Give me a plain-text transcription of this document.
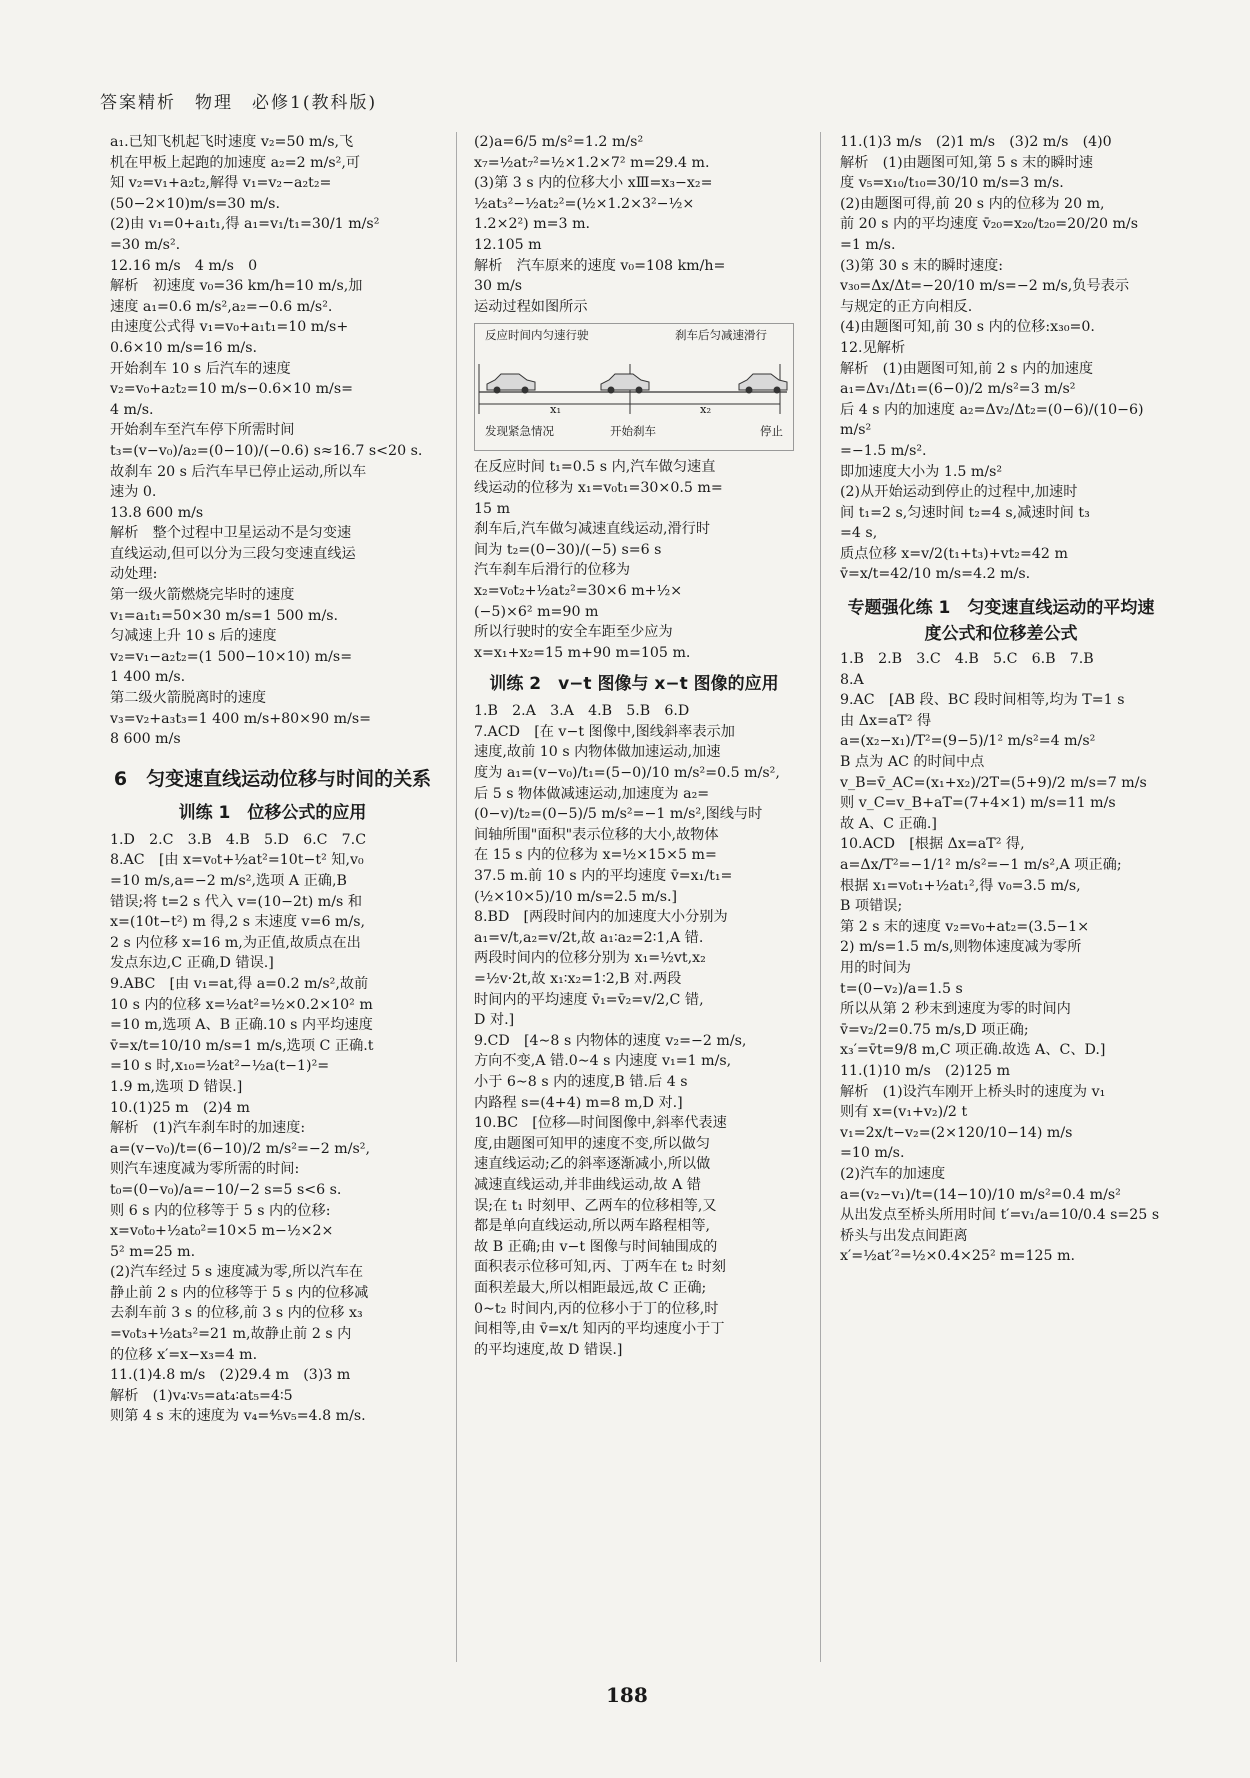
答案精析　物理　必修1(教科版)
a₁.已知飞机起飞时速度 v₂=50 m/s,飞
机在甲板上起跑的加速度 a₂=2 m/s²,可
知 v₂=v₁+a₂t₂,解得 v₁=v₂−a₂t₂=
(50−2×10)m/s=30 m/s.
(2)由 v₁=0+a₁t₁,得 a₁=v₁/t₁=30/1 m/s²
=30 m/s².
12.16 m/s　4 m/s　0
解析　初速度 v₀=36 km/h=10 m/s,加
速度 a₁=0.6 m/s²,a₂=−0.6 m/s².
由速度公式得 v₁=v₀+a₁t₁=10 m/s+
0.6×10 m/s=16 m/s.
开始刹车 10 s 后汽车的速度
v₂=v₀+a₂t₂=10 m/s−0.6×10 m/s=
4 m/s.
开始刹车至汽车停下所需时间
t₃=(v−v₀)/a₂=(0−10)/(−0.6) s≈16.7 s<20 s.
故刹车 20 s 后汽车早已停止运动,所以车
速为 0.
13.8 600 m/s
解析　整个过程中卫星运动不是匀变速
直线运动,但可以分为三段匀变速直线运
动处理:
第一级火箭燃烧完毕时的速度
v₁=a₁t₁=50×30 m/s=1 500 m/s.
匀减速上升 10 s 后的速度
v₂=v₁−a₂t₂=(1 500−10×10) m/s=
1 400 m/s.
第二级火箭脱离时的速度
v₃=v₂+a₃t₃=1 400 m/s+80×90 m/s=
8 600 m/s
6　匀变速直线运动位移与时间的关系
训练 1　位移公式的应用
1.D　2.C　3.B　4.B　5.D　6.C　7.C
8.AC　[由 x=v₀t+½at²=10t−t² 知,v₀
=10 m/s,a=−2 m/s²,选项 A 正确,B
错误;将 t=2 s 代入 v=(10−2t) m/s 和
x=(10t−t²) m 得,2 s 末速度 v=6 m/s,
2 s 内位移 x=16 m,为正值,故质点在出
发点东边,C 正确,D 错误.]
9.ABC　[由 v₁=at,得 a=0.2 m/s²,故前
10 s 内的位移 x=½at²=½×0.2×10² m
=10 m,选项 A、B 正确.10 s 内平均速度
v̄=x/t=10/10 m/s=1 m/s,选项 C 正确.t
=10 s 时,x₁₀=½at²−½a(t−1)²=
1.9 m,选项 D 错误.]
10.(1)25 m　(2)4 m
解析　(1)汽车刹车时的加速度:
a=(v−v₀)/t=(6−10)/2 m/s²=−2 m/s²,
则汽车速度减为零所需的时间:
t₀=(0−v₀)/a=−10/−2 s=5 s<6 s.
则 6 s 内的位移等于 5 s 内的位移:
x=v₀t₀+½at₀²=10×5 m−½×2×
5² m=25 m.
(2)汽车经过 5 s 速度减为零,所以汽车在
静止前 2 s 内的位移等于 5 s 内的位移减
去刹车前 3 s 的位移,前 3 s 内的位移 x₃
=v₀t₃+½at₃²=21 m,故静止前 2 s 内
的位移 x′=x−x₃=4 m.
11.(1)4.8 m/s　(2)29.4 m　(3)3 m
解析　(1)v₄∶v₅=at₄∶at₅=4∶5
则第 4 s 末的速度为 v₄=⁴⁄₅v₅=4.8 m/s.
(2)a=6/5 m/s²=1.2 m/s²
x₇=½at₇²=½×1.2×7² m=29.4 m.
(3)第 3 s 内的位移大小 xⅢ=x₃−x₂=
½at₃²−½at₂²=(½×1.2×3²−½×
1.2×2²) m=3 m.
12.105 m
解析　汽车原来的速度 v₀=108 km/h=
30 m/s
运动过程如图所示
反应时间内匀速行驶	刹车后匀减速滑行
x₁	x₂
发现紧急情况	开始刹车	停止
在反应时间 t₁=0.5 s 内,汽车做匀速直
线运动的位移为 x₁=v₀t₁=30×0.5 m=
15 m
刹车后,汽车做匀减速直线运动,滑行时
间为 t₂=(0−30)/(−5) s=6 s
汽车刹车后滑行的位移为
x₂=v₀t₂+½at₂²=30×6 m+½×
(−5)×6² m=90 m
所以行驶时的安全车距至少应为
x=x₁+x₂=15 m+90 m=105 m.
训练 2　v−t 图像与 x−t 图像的应用
1.B　2.A　3.A　4.B　5.B　6.D
7.ACD　[在 v−t 图像中,图线斜率表示加
速度,故前 10 s 内物体做加速运动,加速
度为 a₁=(v−v₀)/t₁=(5−0)/10 m/s²=0.5 m/s²,
后 5 s 物体做减速运动,加速度为 a₂=
(0−v)/t₂=(0−5)/5 m/s²=−1 m/s²,图线与时
间轴所围"面积"表示位移的大小,故物体
在 15 s 内的位移为 x=½×15×5 m=
37.5 m.前 10 s 内的平均速度 v̄=x₁/t₁=
(½×10×5)/10 m/s=2.5 m/s.]
8.BD　[两段时间内的加速度大小分别为
a₁=v/t,a₂=v/2t,故 a₁∶a₂=2∶1,A 错.
两段时间内的位移分别为 x₁=½vt,x₂
=½v·2t,故 x₁∶x₂=1∶2,B 对.两段
时间内的平均速度 v̄₁=v̄₂=v/2,C 错,
D 对.]
9.CD　[4∼8 s 内物体的速度 v₂=−2 m/s,
方向不变,A 错.0∼4 s 内速度 v₁=1 m/s,
小于 6∼8 s 内的速度,B 错.后 4 s
内路程 s=(4+4) m=8 m,D 对.]
10.BC　[位移—时间图像中,斜率代表速
度,由题图可知甲的速度不变,所以做匀
速直线运动;乙的斜率逐渐减小,所以做
减速直线运动,并非曲线运动,故 A 错
误;在 t₁ 时刻甲、乙两车的位移相等,又
都是单向直线运动,所以两车路程相等,
故 B 正确;由 v−t 图像与时间轴围成的
面积表示位移可知,丙、丁两车在 t₂ 时刻
面积差最大,所以相距最远,故 C 正确;
0∼t₂ 时间内,丙的位移小于丁的位移,时
间相等,由 v̄=x/t 知丙的平均速度小于丁
的平均速度,故 D 错误.]
11.(1)3 m/s　(2)1 m/s　(3)2 m/s　(4)0
解析　(1)由题图可知,第 5 s 末的瞬时速
度 v₅=x₁₀/t₁₀=30/10 m/s=3 m/s.
(2)由题图可得,前 20 s 内的位移为 20 m,
前 20 s 内的平均速度 v̄₂₀=x₂₀/t₂₀=20/20 m/s
=1 m/s.
(3)第 30 s 末的瞬时速度:
v₃₀=Δx/Δt=−20/10 m/s=−2 m/s,负号表示
与规定的正方向相反.
(4)由题图可知,前 30 s 内的位移:x₃₀=0.
12.见解析
解析　(1)由题图可知,前 2 s 内的加速度
a₁=Δv₁/Δt₁=(6−0)/2 m/s²=3 m/s²
后 4 s 内的加速度 a₂=Δv₂/Δt₂=(0−6)/(10−6) m/s²
=−1.5 m/s².
即加速度大小为 1.5 m/s²
(2)从开始运动到停止的过程中,加速时
间 t₁=2 s,匀速时间 t₂=4 s,减速时间 t₃
=4 s,
质点位移 x=v/2(t₁+t₃)+vt₂=42 m
v̄=x/t=42/10 m/s=4.2 m/s.
专题强化练 1　匀变速直线运动的平均速度公式和位移差公式
1.B　2.B　3.C　4.B　5.C　6.B　7.B
8.A
9.AC　[AB 段、BC 段时间相等,均为 T=1 s
由 Δx=aT² 得
a=(x₂−x₁)/T²=(9−5)/1² m/s²=4 m/s²
B 点为 AC 的时间中点
v_B=v̄_AC=(x₁+x₂)/2T=(5+9)/2 m/s=7 m/s
则 v_C=v_B+aT=(7+4×1) m/s=11 m/s
故 A、C 正确.]
10.ACD　[根据 Δx=aT² 得,
a=Δx/T²=−1/1² m/s²=−1 m/s²,A 项正确;
根据 x₁=v₀t₁+½at₁²,得 v₀=3.5 m/s,
B 项错误;
第 2 s 末的速度 v₂=v₀+at₂=(3.5−1×
2) m/s=1.5 m/s,则物体速度减为零所
用的时间为
t=(0−v₂)/a=1.5 s
所以从第 2 秒末到速度为零的时间内
v̄=v₂/2=0.75 m/s,D 项正确;
x₃′=v̄t=9/8 m,C 项正确.故选 A、C、D.]
11.(1)10 m/s　(2)125 m
解析　(1)设汽车刚开上桥头时的速度为 v₁
则有 x=(v₁+v₂)/2 t
v₁=2x/t−v₂=(2×120/10−14) m/s
=10 m/s.
(2)汽车的加速度
a=(v₂−v₁)/t=(14−10)/10 m/s²=0.4 m/s²
从出发点至桥头所用时间 t′=v₁/a=10/0.4 s=25 s
桥头与出发点间距离
x′=½at′²=½×0.4×25² m=125 m.
188
